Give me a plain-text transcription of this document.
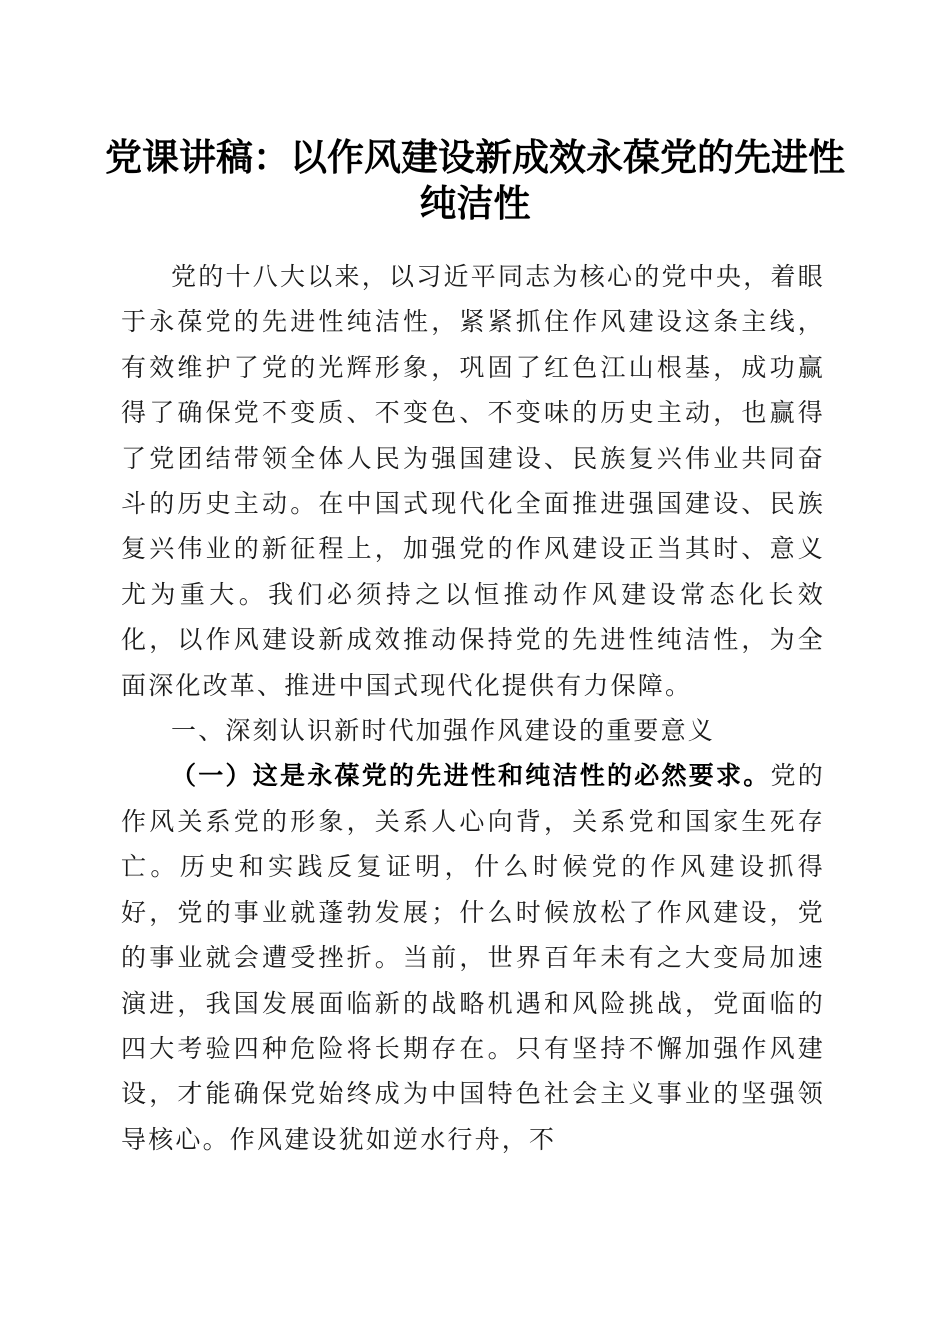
党课讲稿：以作风建设新成效永葆党的先进性
纯洁性

党的十八大以来，以习近平同志为核心的党中央，着眼于永葆党的先进性纯洁性，紧紧抓住作风建设这条主线，有效维护了党的光辉形象，巩固了红色江山根基，成功赢得了确保党不变质、不变色、不变味的历史主动，也赢得了党团结带领全体人民为强国建设、民族复兴伟业共同奋斗的历史主动。在中国式现代化全面推进强国建设、民族复兴伟业的新征程上，加强党的作风建设正当其时、意义尤为重大。我们必须持之以恒推动作风建设常态化长效化，以作风建设新成效推动保持党的先进性纯洁性，为全面深化改革、推进中国式现代化提供有力保障。

一、深刻认识新时代加强作风建设的重要意义

（一）这是永葆党的先进性和纯洁性的必然要求。党的作风关系党的形象，关系人心向背，关系党和国家生死存亡。历史和实践反复证明，什么时候党的作风建设抓得好，党的事业就蓬勃发展；什么时候放松了作风建设，党的事业就会遭受挫折。当前，世界百年未有之大变局加速演进，我国发展面临新的战略机遇和风险挑战，党面临的四大考验四种危险将长期存在。只有坚持不懈加强作风建设，才能确保党始终成为中国特色社会主义事业的坚强领导核心。作风建设犹如逆水行舟，不
